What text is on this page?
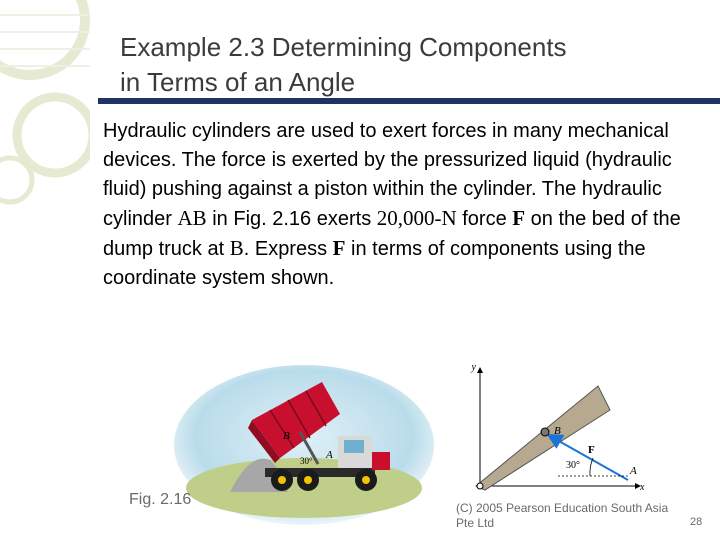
Example 2.3 Determining Components
in Terms of an Angle
Hydraulic cylinders are used to exert forces in many mechanical devices. The force is exerted by the pressurized liquid (hydraulic fluid) pushing against a piston within the cylinder. The hydraulic cylinder AB in Fig. 2.16 exerts 20,000-N force F on the bed of the dump truck at B. Express F in terms of components using the coordinate system shown.
B
30° A
Fig. 2.16
y
x
B
F
30°	A
(C) 2005 Pearson Education South Asia Pte Ltd	28
